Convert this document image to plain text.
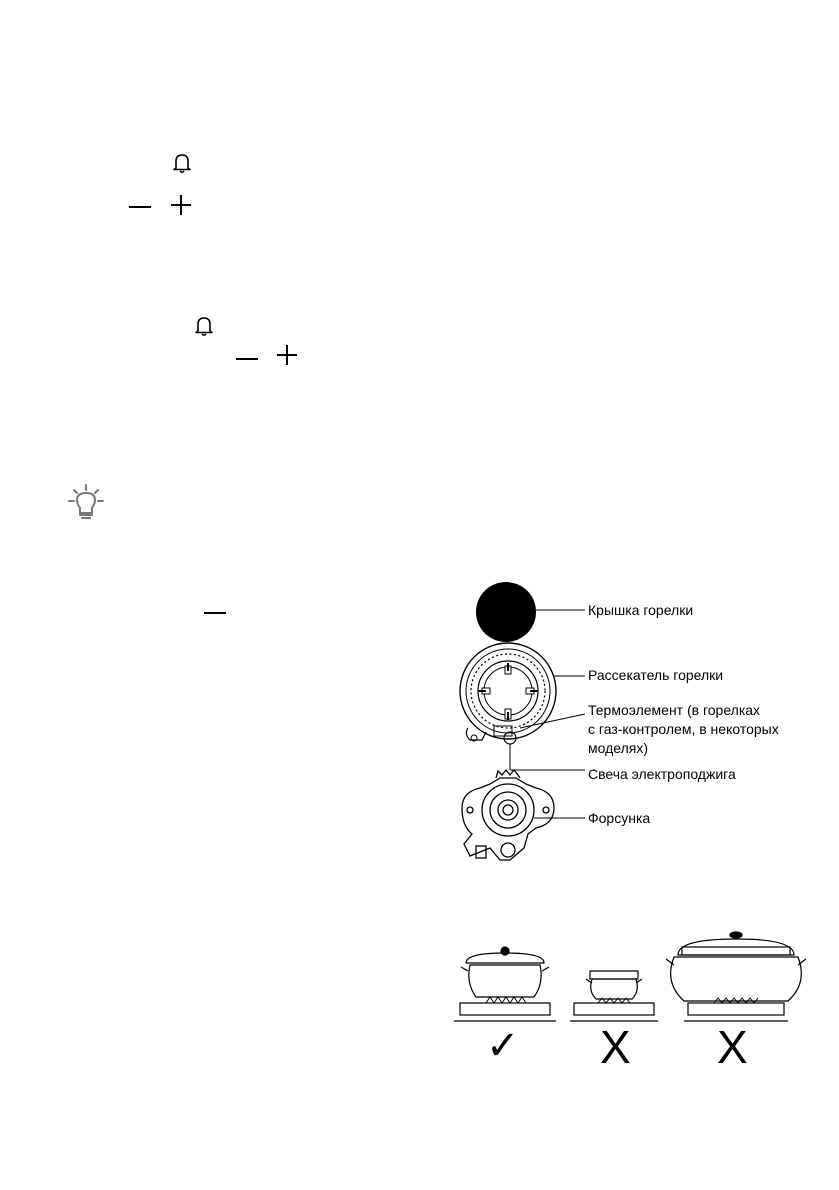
Крышка горелки
Рассекатель горелки
Термоэлемент (в горелках
с газ-контролем, в некоторых
моделях)
Свеча электроподжига
Форсунка
✓ X X
